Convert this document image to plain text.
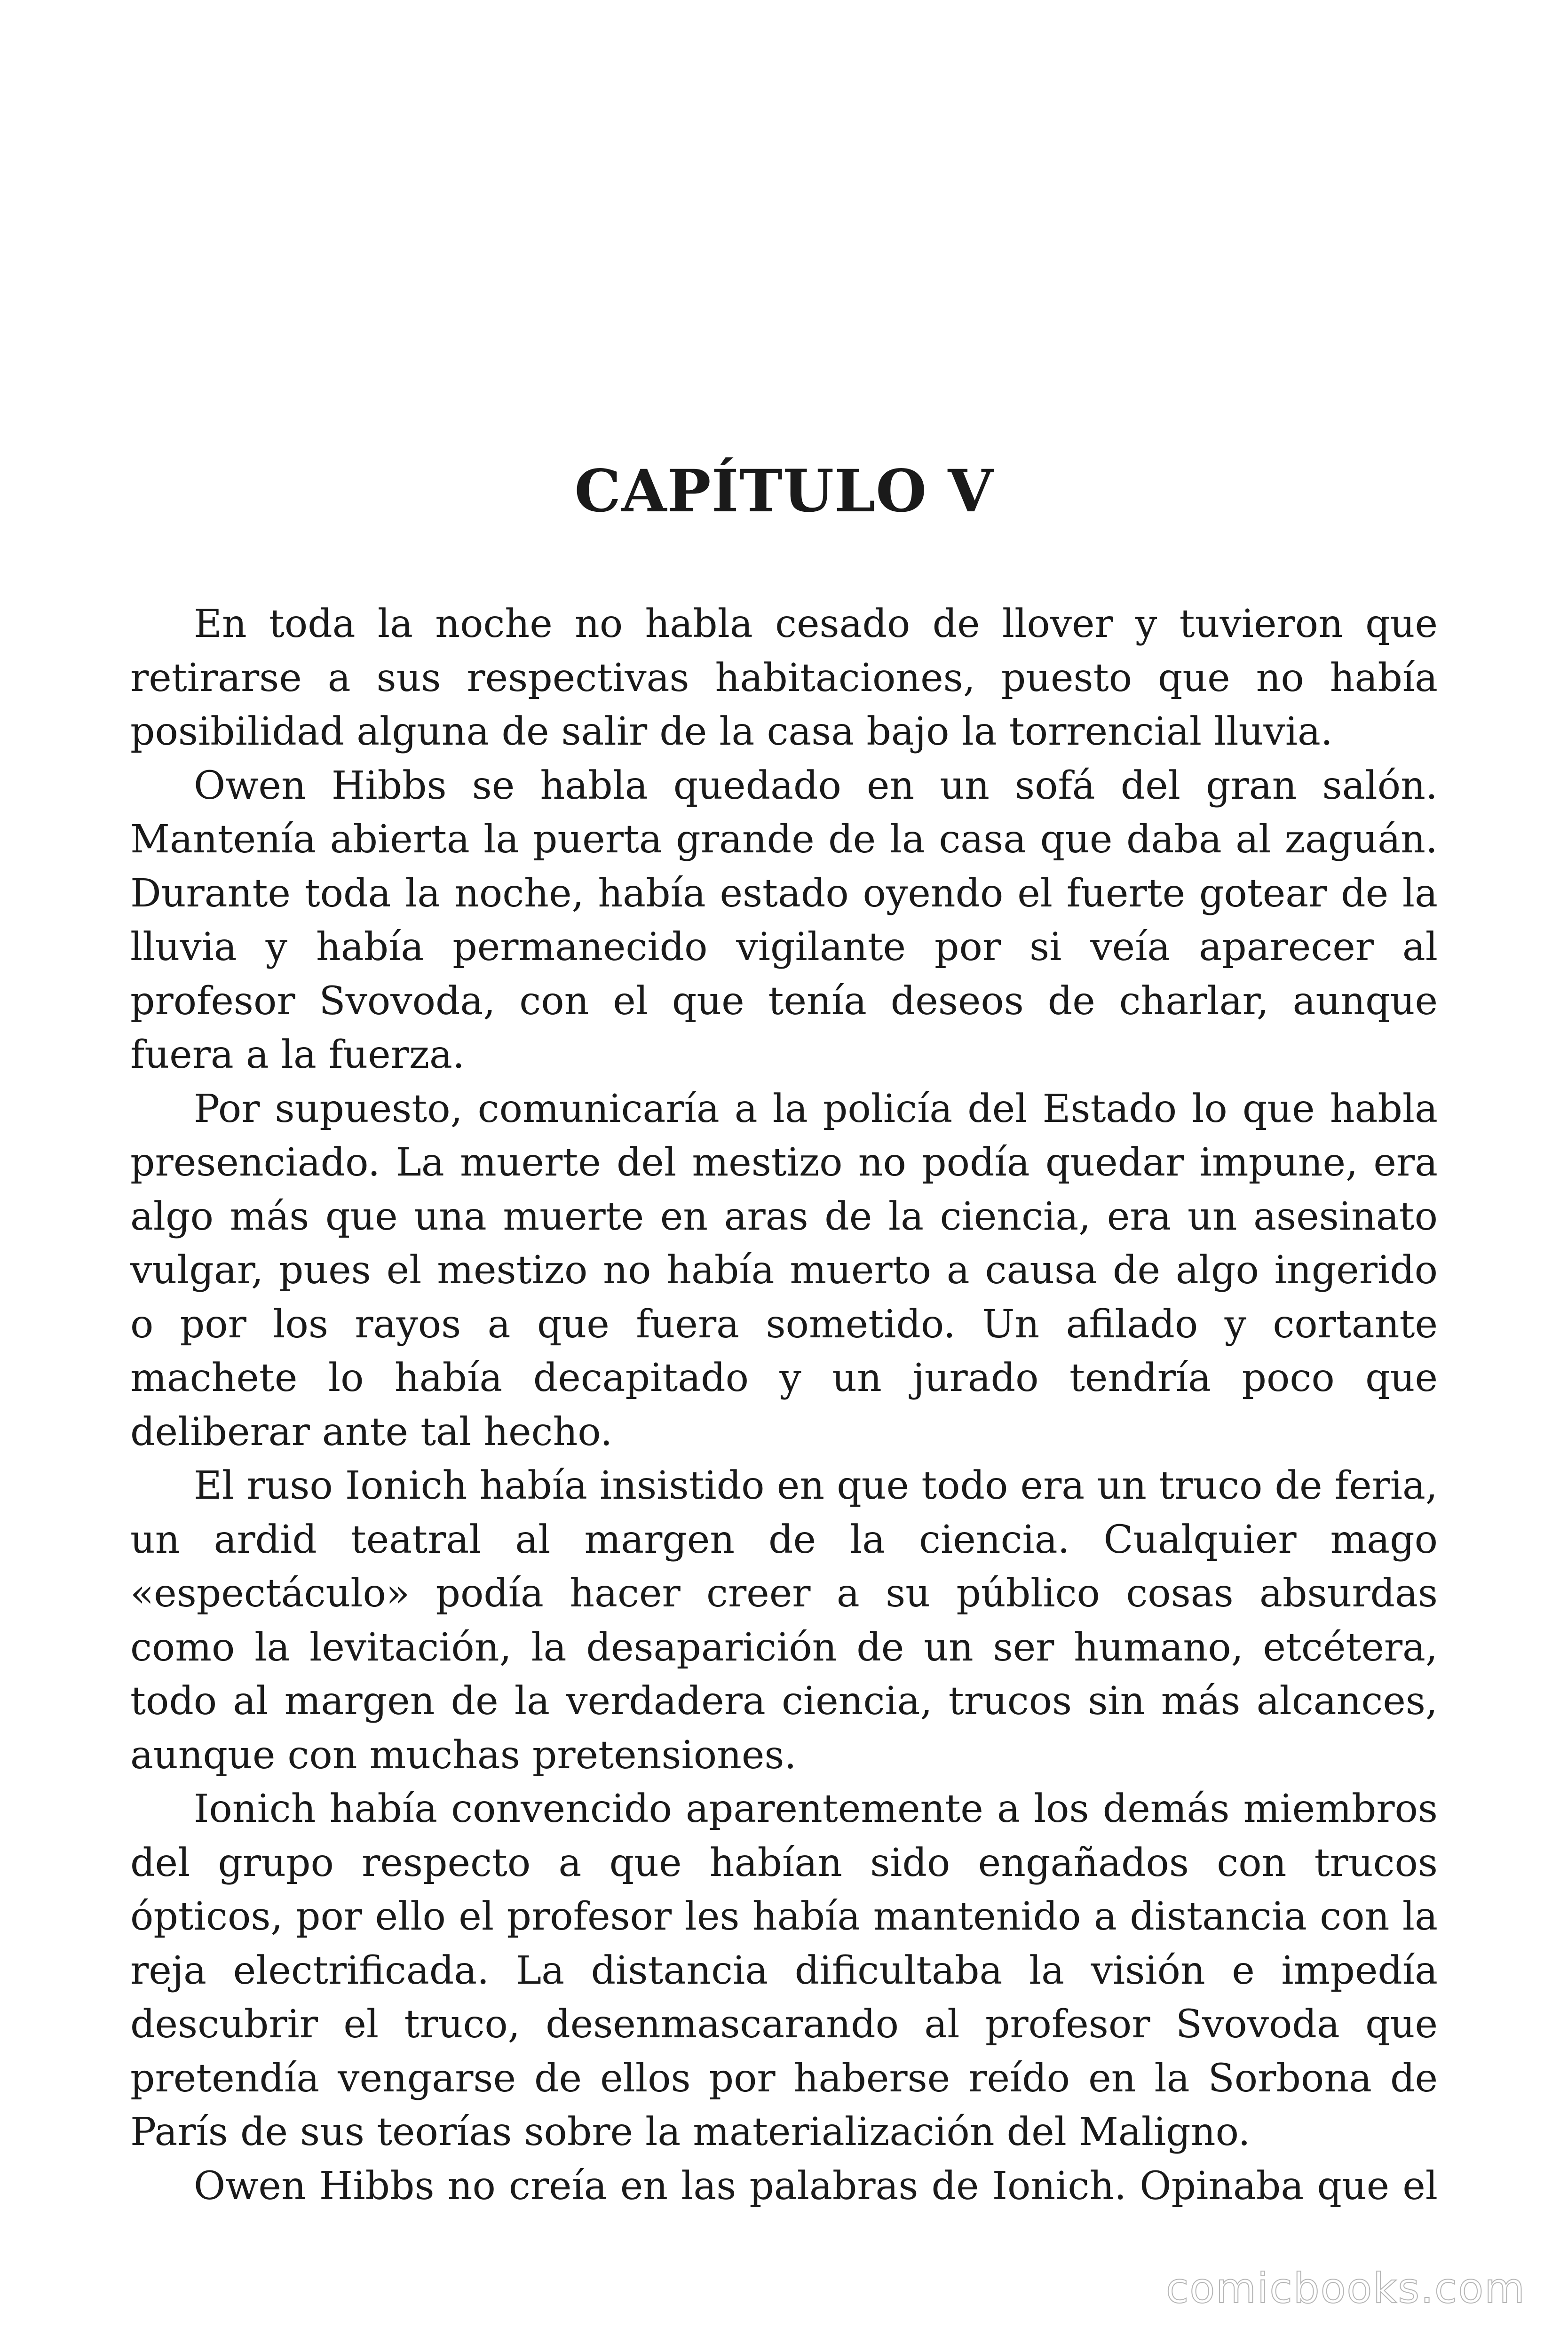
CAPÍTULO V

En toda la noche no habla cesado de llover y tuvieron que retirarse a sus respectivas habitaciones, puesto que no había posibilidad alguna de salir de la casa bajo la torrencial lluvia.

Owen Hibbs se habla quedado en un sofá del gran salón. Mantenía abierta la puerta grande de la casa que daba al zaguán. Durante toda la noche, había estado oyendo el fuerte gotear de la lluvia y había permanecido vigilante por si veía aparecer al profesor Svovoda, con el que tenía deseos de charlar, aunque fuera a la fuerza.

Por supuesto, comunicaría a la policía del Estado lo que habla presenciado. La muerte del mestizo no podía quedar impune, era algo más que una muerte en aras de la ciencia, era un asesinato vulgar, pues el mestizo no había muerto a causa de algo ingerido o por los rayos a que fuera sometido. Un afilado y cortante machete lo había decapitado y un jurado tendría poco que deliberar ante tal hecho.

El ruso Ionich había insistido en que todo era un truco de feria, un ardid teatral al margen de la ciencia. Cualquier mago «espectáculo» podía hacer creer a su público cosas absurdas como la levitación, la desaparición de un ser humano, etcétera, todo al margen de la verdadera ciencia, trucos sin más alcances, aunque con muchas pretensiones.

Ionich había convencido aparentemente a los demás miembros del grupo respecto a que habían sido engañados con trucos ópticos, por ello el profesor les había mantenido a distancia con la reja electrificada. La distancia dificultaba la visión e impedía descubrir el truco, desenmascarando al profesor Svovoda que pretendía vengarse de ellos por haberse reído en la Sorbona de París de sus teorías sobre la materialización del Maligno.

Owen Hibbs no creía en las palabras de Ionich. Opinaba que el

comicbooks.com
